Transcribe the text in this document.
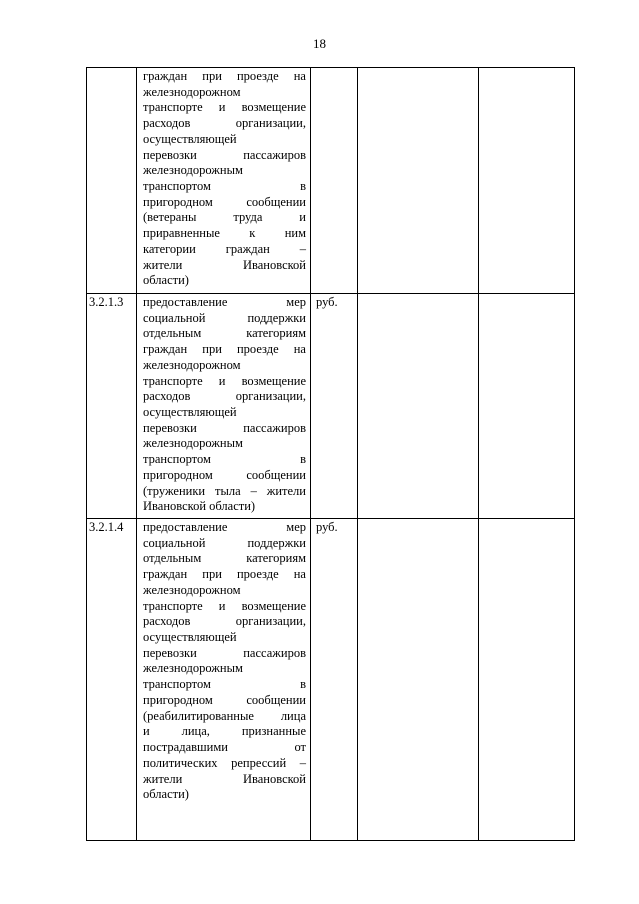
18
граждан при проезде на
железнодорожном
транспорте и возмещение
расходов организации,
осуществляющей
перевозки пассажиров
железнодорожным
транспортом в
пригородном сообщении
(ветераны труда и
приравненные к ним
категории граждан –
жители Ивановской
области)
3.2.1.3 предоставление мер
социальной поддержки
отдельным категориям
граждан при проезде на
железнодорожном
транспорте и возмещение
расходов организации,
осуществляющей
перевозки пассажиров
железнодорожным
транспортом в
пригородном сообщении
(труженики тыла – жители
Ивановской области)
руб.
3.2.1.4 предоставление мер
социальной поддержки
отдельным категориям
граждан при проезде на
железнодорожном
транспорте и возмещение
расходов организации,
осуществляющей
перевозки пассажиров
железнодорожным
транспортом в
пригородном сообщении
(реабилитированные лица
и лица, признанные
пострадавшими от
политических репрессий –
жители Ивановской
области)
руб.
